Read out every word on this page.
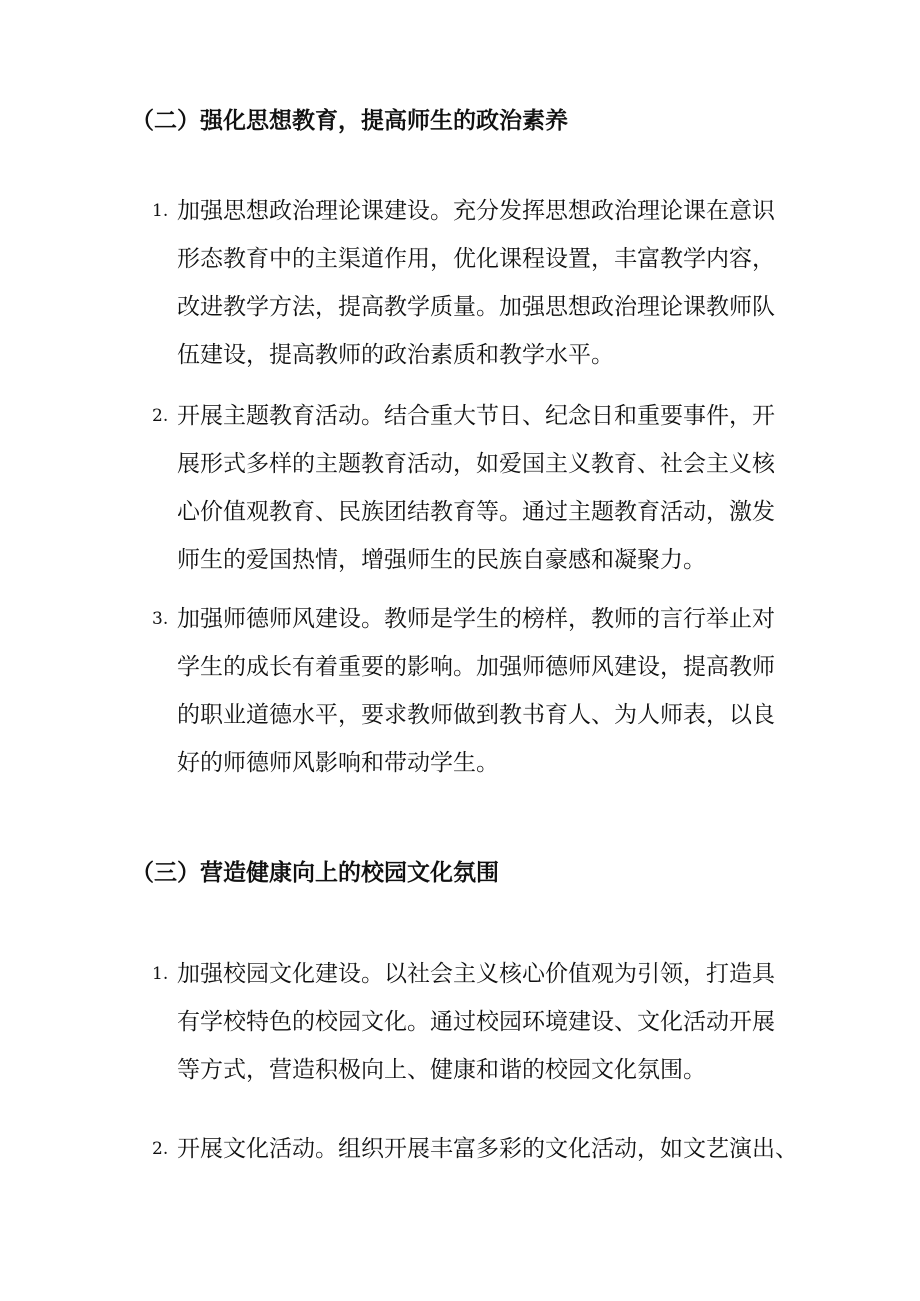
（二）强化思想教育，提高师生的政治素养
1. 加强思想政治理论课建设。充分发挥思想政治理论课在意识
形态教育中的主渠道作用，优化课程设置，丰富教学内容，
改进教学方法，提高教学质量。加强思想政治理论课教师队
伍建设，提高教师的政治素质和教学水平。
2. 开展主题教育活动。结合重大节日、纪念日和重要事件，开
展形式多样的主题教育活动，如爱国主义教育、社会主义核
心价值观教育、民族团结教育等。通过主题教育活动，激发
师生的爱国热情，增强师生的民族自豪感和凝聚力。
3. 加强师德师风建设。教师是学生的榜样，教师的言行举止对
学生的成长有着重要的影响。加强师德师风建设，提高教师
的职业道德水平，要求教师做到教书育人、为人师表，以良
好的师德师风影响和带动学生。
（三）营造健康向上的校园文化氛围
1. 加强校园文化建设。以社会主义核心价值观为引领，打造具
有学校特色的校园文化。通过校园环境建设、文化活动开展
等方式，营造积极向上、健康和谐的校园文化氛围。
2. 开展文化活动。组织开展丰富多彩的文化活动，如文艺演出、
